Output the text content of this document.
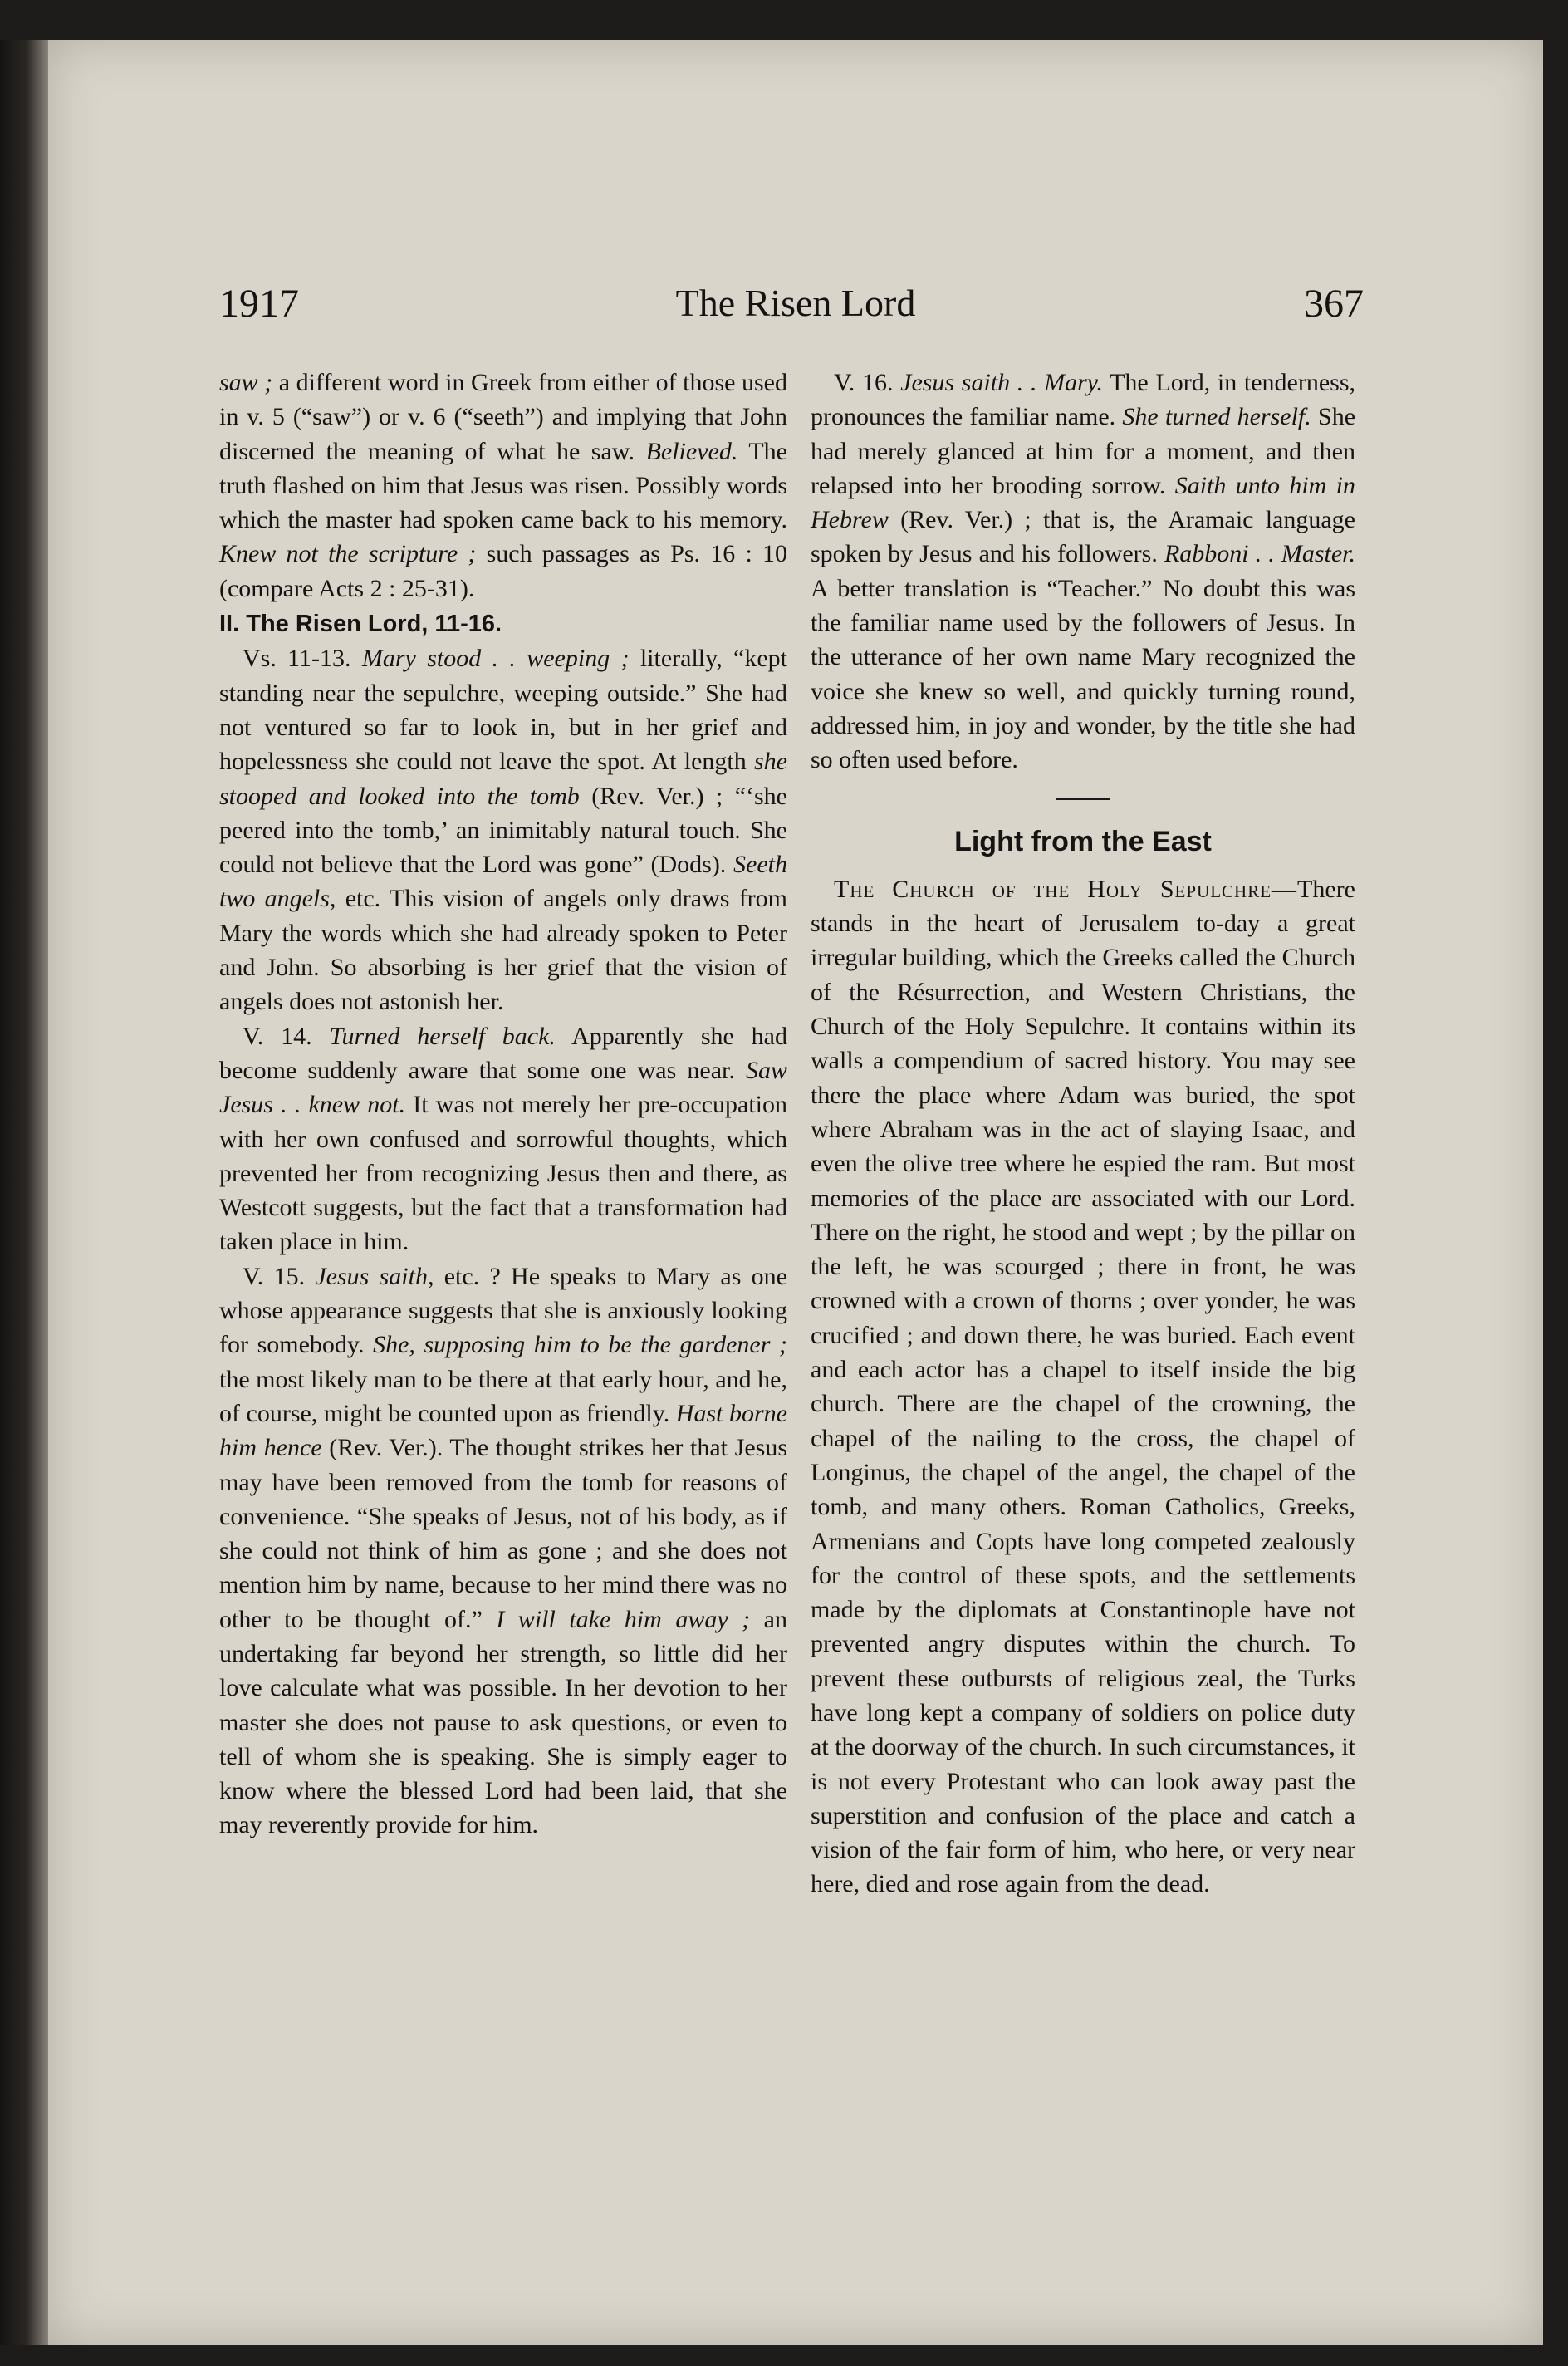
1917	The Risen Lord	367

saw ; a different word in Greek from either of those used in v. 5 (“saw”) or v. 6 (“seeth”) and implying that John discerned the meaning of what he saw. Believed. The truth flashed on him that Jesus was risen. Possibly words which the master had spoken came back to his memory. Knew not the scripture ; such passages as Ps. 16 : 10 (compare Acts 2 : 25-31).

II. The Risen Lord, 11-16.

Vs. 11-13. Mary stood . . weeping ; literally, “kept standing near the sepulchre, weeping outside.” She had not ventured so far to look in, but in her grief and hopelessness she could not leave the spot. At length she stooped and looked into the tomb (Rev. Ver.) ; “‘she peered into the tomb,’ an inimitably natural touch. She could not believe that the Lord was gone” (Dods). Seeth two angels, etc. This vision of angels only draws from Mary the words which she had already spoken to Peter and John. So absorbing is her grief that the vision of angels does not astonish her.

V. 14. Turned herself back. Apparently she had become suddenly aware that some one was near. Saw Jesus . . knew not. It was not merely her pre-occupation with her own confused and sorrowful thoughts, which prevented her from recognizing Jesus then and there, as Westcott suggests, but the fact that a transformation had taken place in him.

V. 15. Jesus saith, etc. ? He speaks to Mary as one whose appearance suggests that she is anxiously looking for somebody. She, supposing him to be the gardener ; the most likely man to be there at that early hour, and he, of course, might be counted upon as friendly. Hast borne him hence (Rev. Ver.). The thought strikes her that Jesus may have been removed from the tomb for reasons of convenience. “She speaks of Jesus, not of his body, as if she could not think of him as gone ; and she does not mention him by name, because to her mind there was no other to be thought of.” I will take him away ; an undertaking far beyond her strength, so little did her love calculate what was possible. In her devotion to her master she does not pause to ask questions, or even to tell of whom she is speaking. She is simply eager to know where the blessed Lord had been laid, that she may reverently provide for him.

V. 16. Jesus saith . . Mary. The Lord, in tenderness, pronounces the familiar name. She turned herself. She had merely glanced at him for a moment, and then relapsed into her brooding sorrow. Saith unto him in Hebrew (Rev. Ver.) ; that is, the Aramaic language spoken by Jesus and his followers. Rabboni . . Master. A better translation is “Teacher.” No doubt this was the familiar name used by the followers of Jesus. In the utterance of her own name Mary recognized the voice she knew so well, and quickly turning round, addressed him, in joy and wonder, by the title she had so often used before.

Light from the East

The Church of the Holy Sepulchre—There stands in the heart of Jerusalem to-day a great irregular building, which the Greeks called the Church of the Résurrection, and Western Christians, the Church of the Holy Sepulchre. It contains within its walls a compendium of sacred history. You may see there the place where Adam was buried, the spot where Abraham was in the act of slaying Isaac, and even the olive tree where he espied the ram. But most memories of the place are associated with our Lord. There on the right, he stood and wept ; by the pillar on the left, he was scourged ; there in front, he was crowned with a crown of thorns ; over yonder, he was crucified ; and down there, he was buried. Each event and each actor has a chapel to itself inside the big church. There are the chapel of the crowning, the chapel of the nailing to the cross, the chapel of Longinus, the chapel of the angel, the chapel of the tomb, and many others. Roman Catholics, Greeks, Armenians and Copts have long competed zealously for the control of these spots, and the settlements made by the diplomats at Constantinople have not prevented angry disputes within the church. To prevent these outbursts of religious zeal, the Turks have long kept a company of soldiers on police duty at the doorway of the church. In such circumstances, it is not every Protestant who can look away past the superstition and confusion of the place and catch a vision of the fair form of him, who here, or very near here, died and rose again from the dead.
